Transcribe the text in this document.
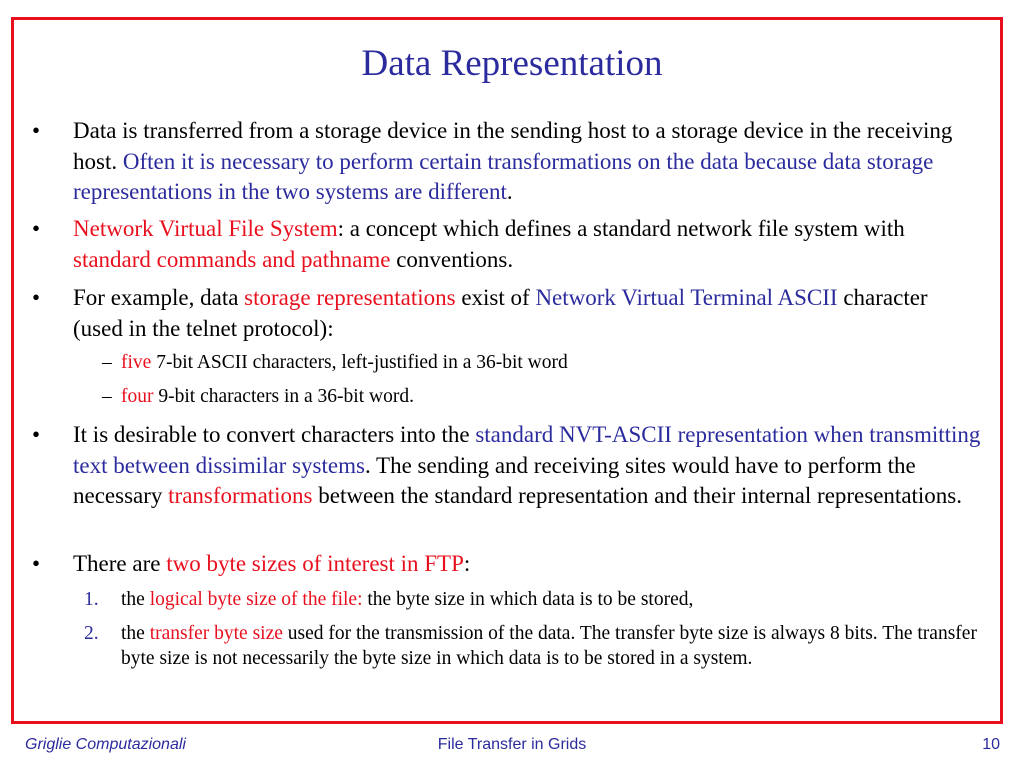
Data Representation
• Data is transferred from a storage device in the sending host to a storage device in the receiving host. Often it is necessary to perform certain transformations on the data because data storage representations in the two systems are different.
• Network Virtual File System: a concept which defines a standard network file system with standard commands and pathname conventions.
• For example, data storage representations exist of Network Virtual Terminal ASCII character (used in the telnet protocol):
– five 7-bit ASCII characters, left-justified in a 36-bit word
– four 9-bit characters in a 36-bit word.
• It is desirable to convert characters into the standard NVT-ASCII representation when transmitting text between dissimilar systems. The sending and receiving sites would have to perform the necessary transformations between the standard representation and their internal representations.
• There are two byte sizes of interest in FTP:
1. the logical byte size of the file: the byte size in which data is to be stored,
2. the transfer byte size used for the transmission of the data. The transfer byte size is always 8 bits. The transfer byte size is not necessarily the byte size in which data is to be stored in a system.
Griglie Computazionali	File Transfer in Grids	10
